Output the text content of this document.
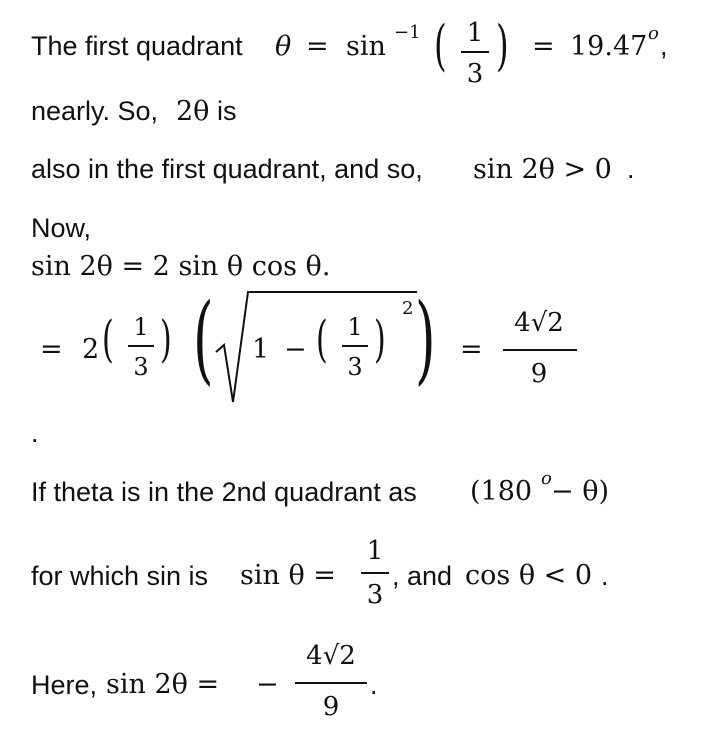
The first quadrant θ = sin −1 ( 1
3 ) = 19.47 o ,
nearly. So, 2θ is
also in the first quadrant, and so, sin 2θ > 0 .
Now,
sin 2θ = 2 sin θ cos θ.
= 2 ( 1
3 ) ( 1 − ( 1
3 )
2 ) =
4√2
9
.
If theta is in the 2nd quadrant as (180 o − θ)
for which sin is sin θ =
1
3
, and cos θ < 0 .
Here, sin 2θ = −
4√2
9
.
